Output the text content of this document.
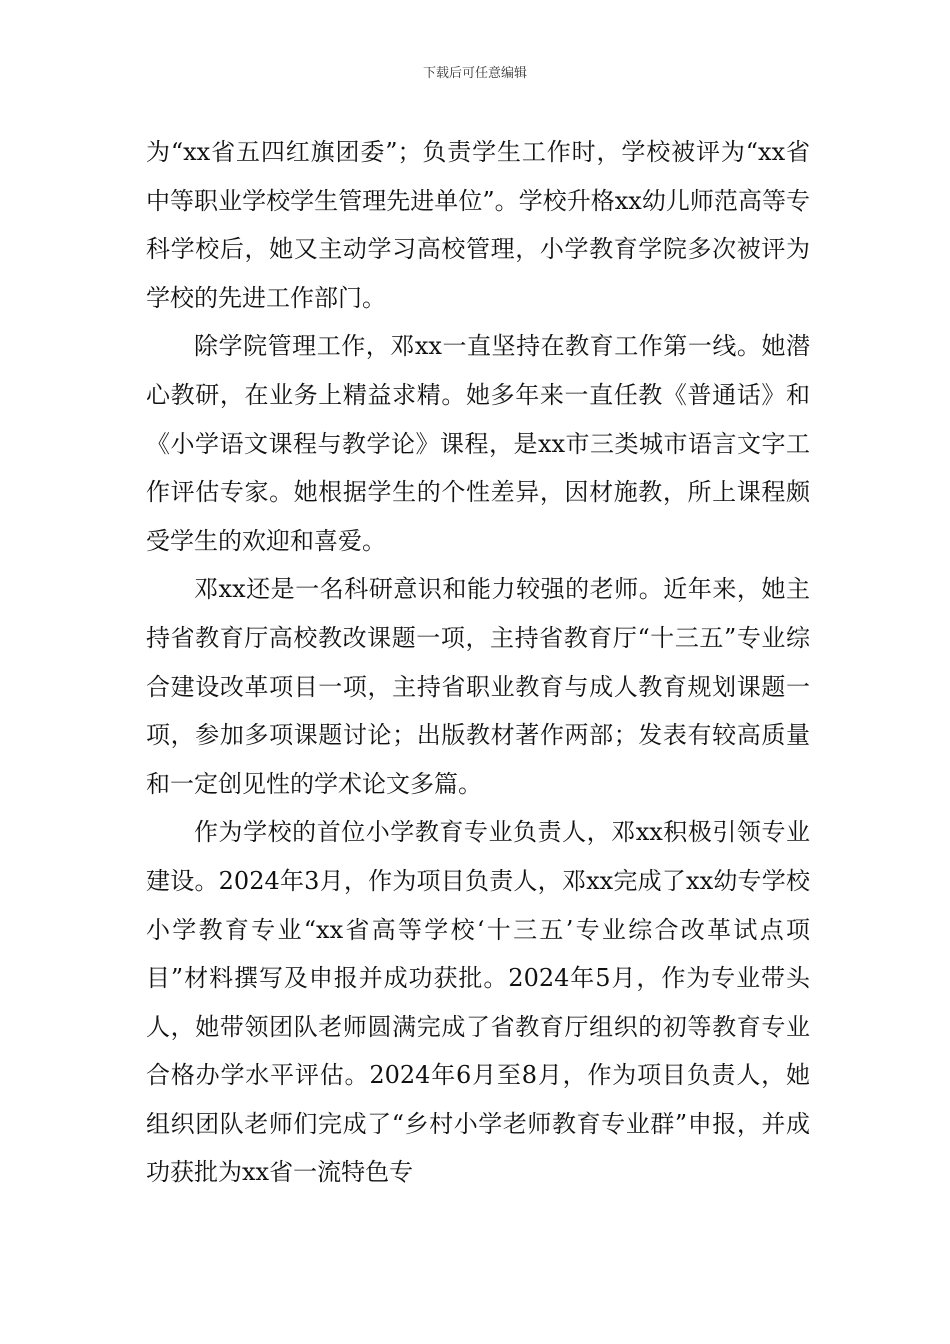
下载后可任意编辑

为“xx省五四红旗团委”；负责学生工作时，学校被评为“xx省中等职业学校学生管理先进单位”。学校升格xx幼儿师范高等专科学校后，她又主动学习高校管理，小学教育学院多次被评为学校的先进工作部门。

除学院管理工作，邓xx一直坚持在教育工作第一线。她潜心教研，在业务上精益求精。她多年来一直任教《普通话》和《小学语文课程与教学论》课程，是xx市三类城市语言文字工作评估专家。她根据学生的个性差异，因材施教，所上课程颇受学生的欢迎和喜爱。

邓xx还是一名科研意识和能力较强的老师。近年来，她主持省教育厅高校教改课题一项，主持省教育厅“十三五”专业综合建设改革项目一项，主持省职业教育与成人教育规划课题一项，参加多项课题讨论；出版教材著作两部；发表有较高质量和一定创见性的学术论文多篇。

作为学校的首位小学教育专业负责人，邓xx积极引领专业建设。2024年3月，作为项目负责人，邓xx完成了xx幼专学校小学教育专业“xx省高等学校‘十三五’专业综合改革试点项目”材料撰写及申报并成功获批。2024年5月，作为专业带头人，她带领团队老师圆满完成了省教育厅组织的初等教育专业合格办学水平评估。2024年6月至8月，作为项目负责人，她组织团队老师们完成了“乡村小学老师教育专业群”申报，并成功获批为xx省一流特色专
